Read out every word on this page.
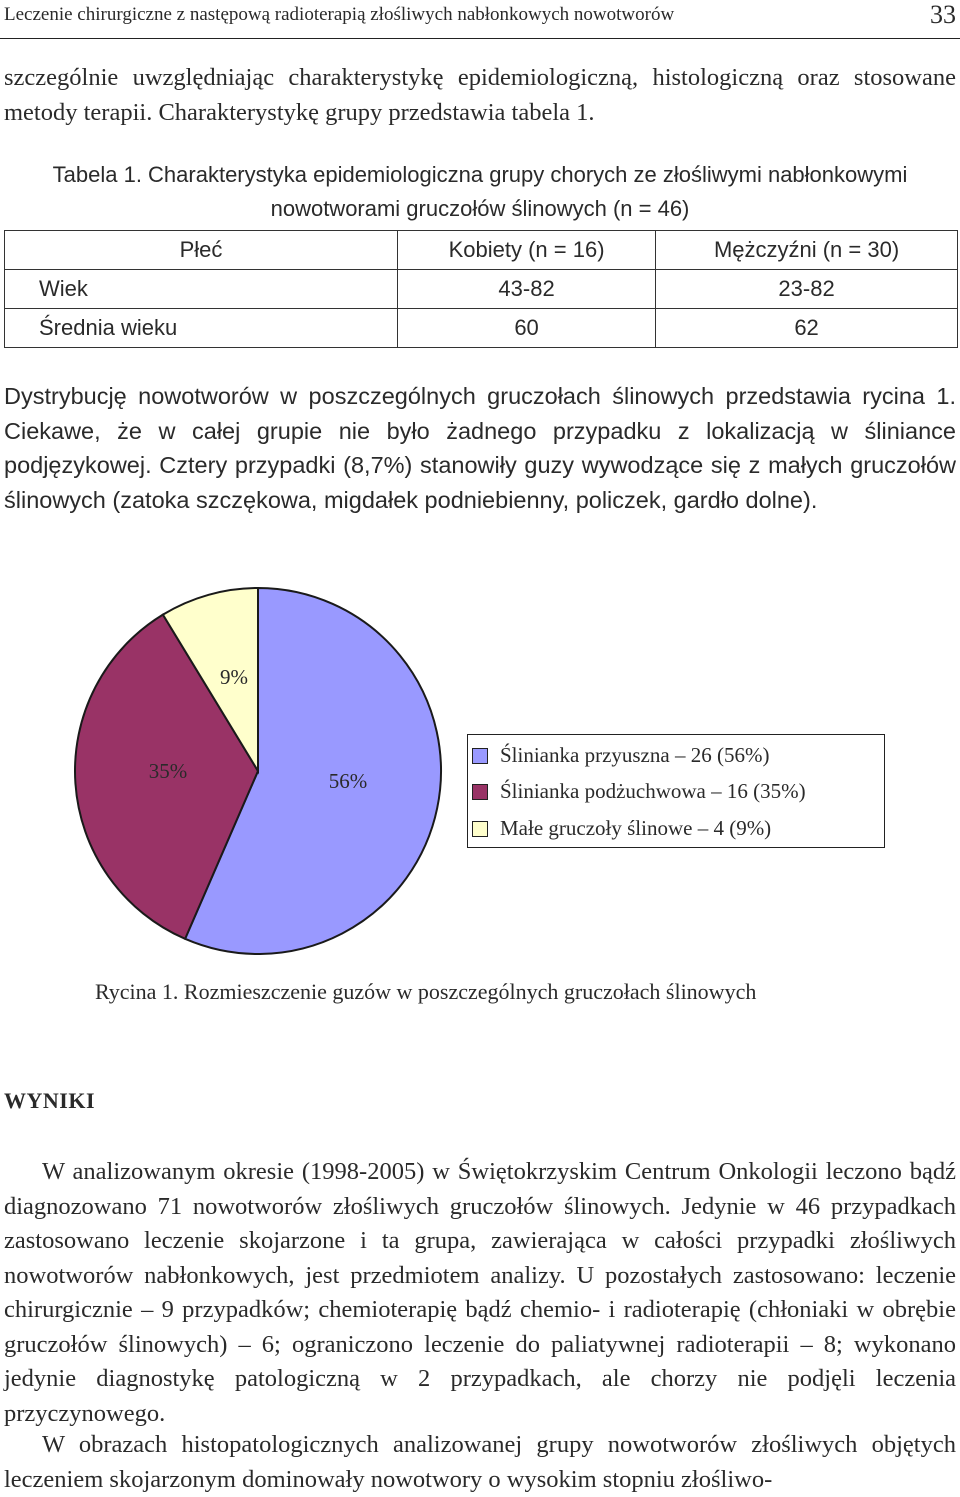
Leczenie chirurgiczne z następową radioterapią złośliwych nabłonkowych nowotworów	33

szczególnie uwzględniając charakterystykę epidemiologiczną, histologiczną oraz stosowane metody terapii. Charakterystykę grupy przedstawia tabela 1.

Tabela 1. Charakterystyka epidemiologiczna grupy chorych ze złośliwymi nabłonkowymi
nowotworami gruczołów ślinowych (n = 46)
Płeć	Kobiety (n = 16)	Mężczyźni (n = 30)
Wiek	43-82	23-82
Średnia wieku	60	62

Dystrybucję nowotworów w poszczególnych gruczołach ślinowych przedstawia rycina 1. Ciekawe, że w całej grupie nie było żadnego przypadku z lokalizacją w śliniance podjęzykowej. Cztery przypadki (8,7%) stanowiły guzy wywodzące się z małych gruczołów ślinowych (zatoka szczękowa, migdałek podniebienny, policzek, gardło dolne).

56%
35%
9%
Ślinianka przyuszna – 26 (56%)
Ślinianka podżuchwowa – 16 (35%)
Małe gruczoły ślinowe – 4 (9%)
Rycina 1. Rozmieszczenie guzów w poszczególnych gruczołach ślinowych
WYNIKI

W analizowanym okresie (1998-2005) w Świętokrzyskim Centrum Onkologii leczono bądź diagnozowano 71 nowotworów złośliwych gruczołów ślinowych. Jedynie w 46 przypadkach zastosowano leczenie skojarzone i ta grupa, zawierająca w całości przypadki złośliwych nowotworów nabłonkowych, jest przedmiotem analizy. U pozostałych zastosowano: leczenie chirurgicznie – 9 przypadków; chemioterapię bądź chemio- i radioterapię (chłoniaki w obrębie gruczołów ślinowych) – 6; ograniczono leczenie do paliatywnej radioterapii – 8; wykonano jedynie diagnostykę patologiczną w 2 przypadkach, ale chorzy nie podjęli leczenia przyczynowego.

W obrazach histopatologicznych analizowanej grupy nowotworów złośliwych objętych leczeniem skojarzonym dominowały nowotwory o wysokim stopniu złośliwo-
